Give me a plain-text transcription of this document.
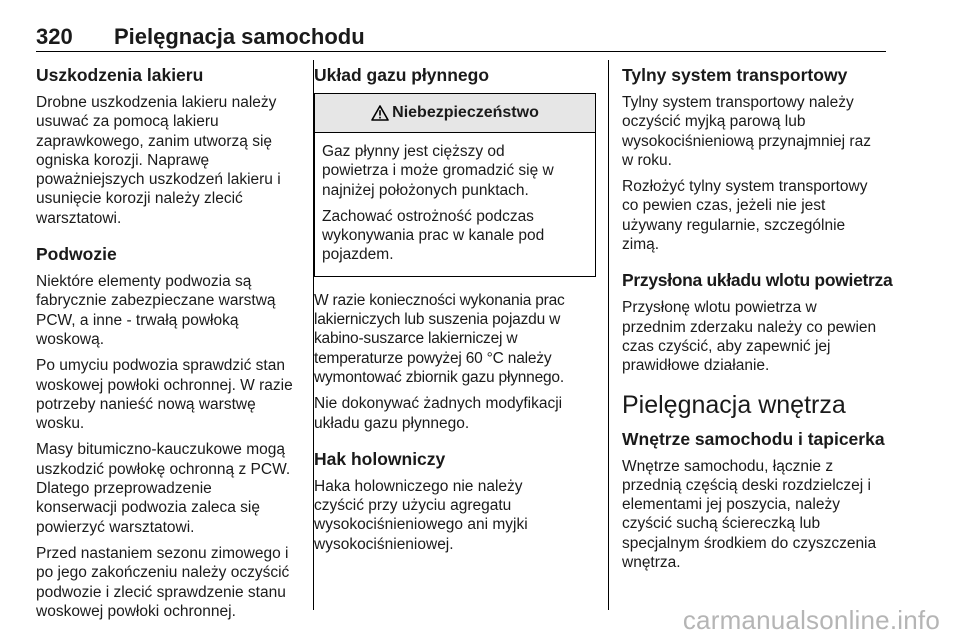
320 Pielęgnacja samochodu
Uszkodzenia lakieru
Drobne uszkodzenia lakieru należy
usuwać za pomocą lakieru
zaprawkowego, zanim utworzą się
ogniska korozji. Naprawę
poważniejszych uszkodzeń lakieru i
usunięcie korozji należy zlecić
warsztatowi.
Podwozie
Niektóre elementy podwozia są
fabrycznie zabezpieczane warstwą
PCW, a inne - trwałą powłoką
woskową.
Po umyciu podwozia sprawdzić stan
woskowej powłoki ochronnej. W razie
potrzeby nanieść nową warstwę
wosku.
Masy bitumiczno-kauczukowe mogą
uszkodzić powłokę ochronną z PCW.
Dlatego przeprowadzenie
konserwacji podwozia zaleca się
powierzyć warsztatowi.
Przed nastaniem sezonu zimowego i
po jego zakończeniu należy oczyścić
podwozie i zlecić sprawdzenie stanu
woskowej powłoki ochronnej.
Układ gazu płynnego
Niebezpieczeństwo
Gaz płynny jest cięższy od
powietrza i może gromadzić się w
najniżej położonych punktach.
Zachować ostrożność podczas
wykonywania prac w kanale pod
pojazdem.
W razie konieczności wykonania prac
lakierniczych lub suszenia pojazdu w
kabino-suszarce lakierniczej w
temperaturze powyżej 60 °C należy
wymontować zbiornik gazu płynnego.
Nie dokonywać żadnych modyfikacji
układu gazu płynnego.
Hak holowniczy
Haka holowniczego nie należy
czyścić przy użyciu agregatu
wysokociśnieniowego ani myjki
wysokociśnieniowej.
Tylny system transportowy
Tylny system transportowy należy
oczyścić myjką parową lub
wysokociśnieniową przynajmniej raz
w roku.
Rozłożyć tylny system transportowy
co pewien czas, jeżeli nie jest
używany regularnie, szczególnie
zimą.
Przysłona układu wlotu powietrza
Przysłonę wlotu powietrza w
przednim zderzaku należy co pewien
czas czyścić, aby zapewnić jej
prawidłowe działanie.
Pielęgnacja wnętrza
Wnętrze samochodu i tapicerka
Wnętrze samochodu, łącznie z
przednią częścią deski rozdzielczej i
elementami jej poszycia, należy
czyścić suchą ściereczką lub
specjalnym środkiem do czyszczenia
wnętrza.
carmanualsonline.info
